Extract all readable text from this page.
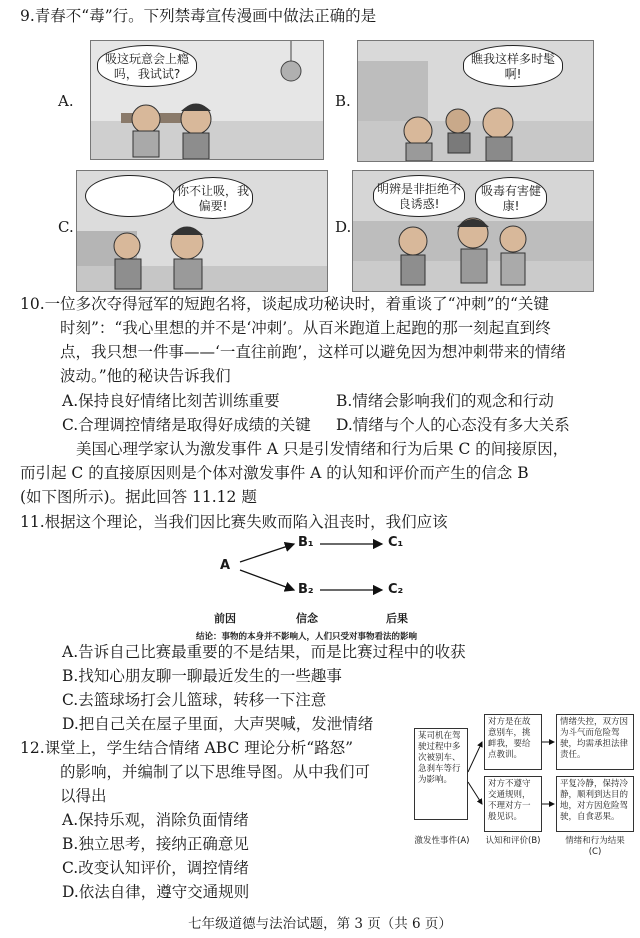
9.青春不“毒”行。下列禁毒宣传漫画中做法正确的是
A.
吸这玩意会上瘾吗，我试试?
B.
瞧我这样多时髦啊!
C.
你不让吸，我偏要!
D.
明辨是非拒绝不良诱惑!
吸毒有害健康!
10.一位多次夺得冠军的短跑名将，谈起成功秘诀时，着重谈了“冲刺”的“关键
时刻”：“我心里想的并不是‘冲刺’。从百米跑道上起跑的那一刻起直到终
点，我只想一件事——‘一直往前跑’，这样可以避免因为想冲刺带来的情绪
波动。”他的秘诀告诉我们
A.保持良好情绪比刻苦训练重要	B.情绪会影响我们的观念和行动
C.合理调控情绪是取得好成绩的关键 D.情绪与个人的心态没有多大关系
美国心理学家认为激发事件 A 只是引发情绪和行为后果 C 的间接原因，
而引起 C 的直接原因则是个体对激发事件 A 的认知和评价而产生的信念 B
(如下图所示)。据此回答 11.12 题
11.根据这个理论，当我们因比赛失败而陷入沮丧时，我们应该
A
B₁
B₂
C₁
C₂
前因	信念	后果
结论：事物的本身并不影响人，人们只受对事物看法的影响
A.告诉自己比赛最重要的不是结果，而是比赛过程中的收获
B.找知心朋友聊一聊最近发生的一些趣事
C.去篮球场打会儿篮球，转移一下注意
D.把自己关在屋子里面，大声哭喊，发泄情绪
12.课堂上，学生结合情绪 ABC 理论分析“路怒”
的影响，并编制了以下思维导图。从中我们可
以得出
A.保持乐观，消除负面情绪
B.独立思考，接纳正确意见
C.改变认知评价，调控情绪
D.依法自律，遵守交通规则
某司机在驾驶过程中多次被别车、急刹车等行为影响。
对方是在故意别车，挑衅我，要给点教训。
对方不遵守交通规则，不理对方一般见识。
情绪失控，双方因为斗气而危险驾驶，均需承担法律责任。
平复冷静，保持冷静，顺利到达目的地，对方因危险驾驶，自食恶果。
激发性事件(A) 认知和评价(B)	情绪和行为结果(C)
七年级道德与法治试题，第 3 页（共 6 页）
